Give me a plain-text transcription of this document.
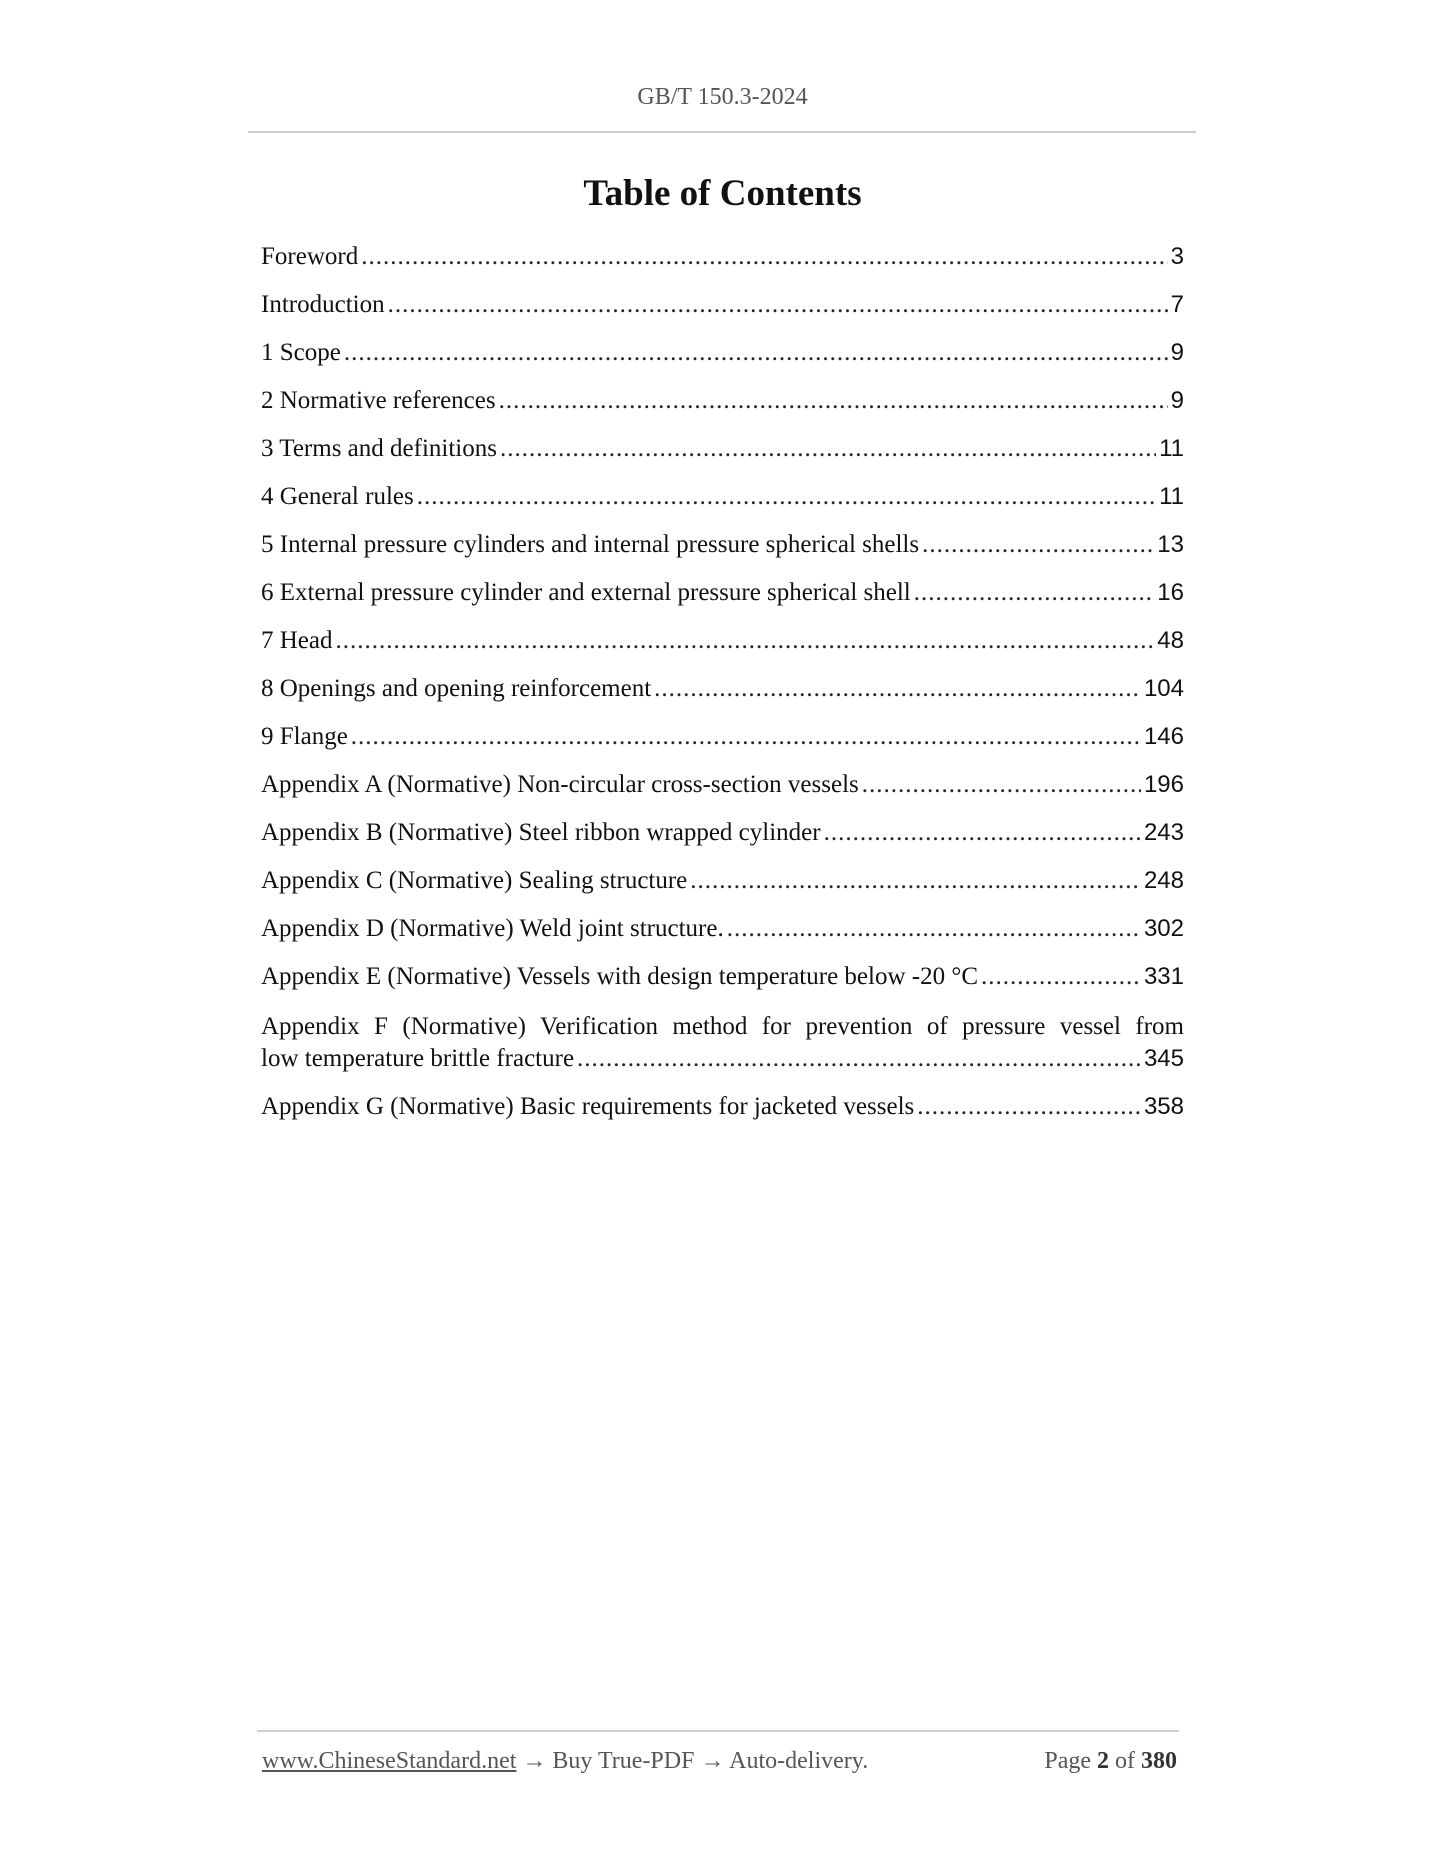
GB/T 150.3-2024
Table of Contents
Foreword .....	3
Introduction .....	7
1 Scope .....	9
2 Normative references .....	9
3 Terms and definitions .....	11
4 General rules .....	11
5 Internal pressure cylinders and internal pressure spherical shells .....	13
6 External pressure cylinder and external pressure spherical shell .....	16
7 Head .....	48
8 Openings and opening reinforcement .....	104
9 Flange .....	146
Appendix A (Normative) Non-circular cross-section vessels .....	196
Appendix B (Normative) Steel ribbon wrapped cylinder .....	243
Appendix C (Normative) Sealing structure .....	248
Appendix D (Normative) Weld joint structure. .....	302
Appendix E (Normative) Vessels with design temperature below -20 °C .....	331
Appendix F (Normative) Verification method for prevention of pressure vessel from
low temperature brittle fracture .....	345
Appendix G (Normative) Basic requirements for jacketed vessels .....	358
www.ChineseStandard.net → Buy True-PDF → Auto-delivery.	Page 2 of 380
